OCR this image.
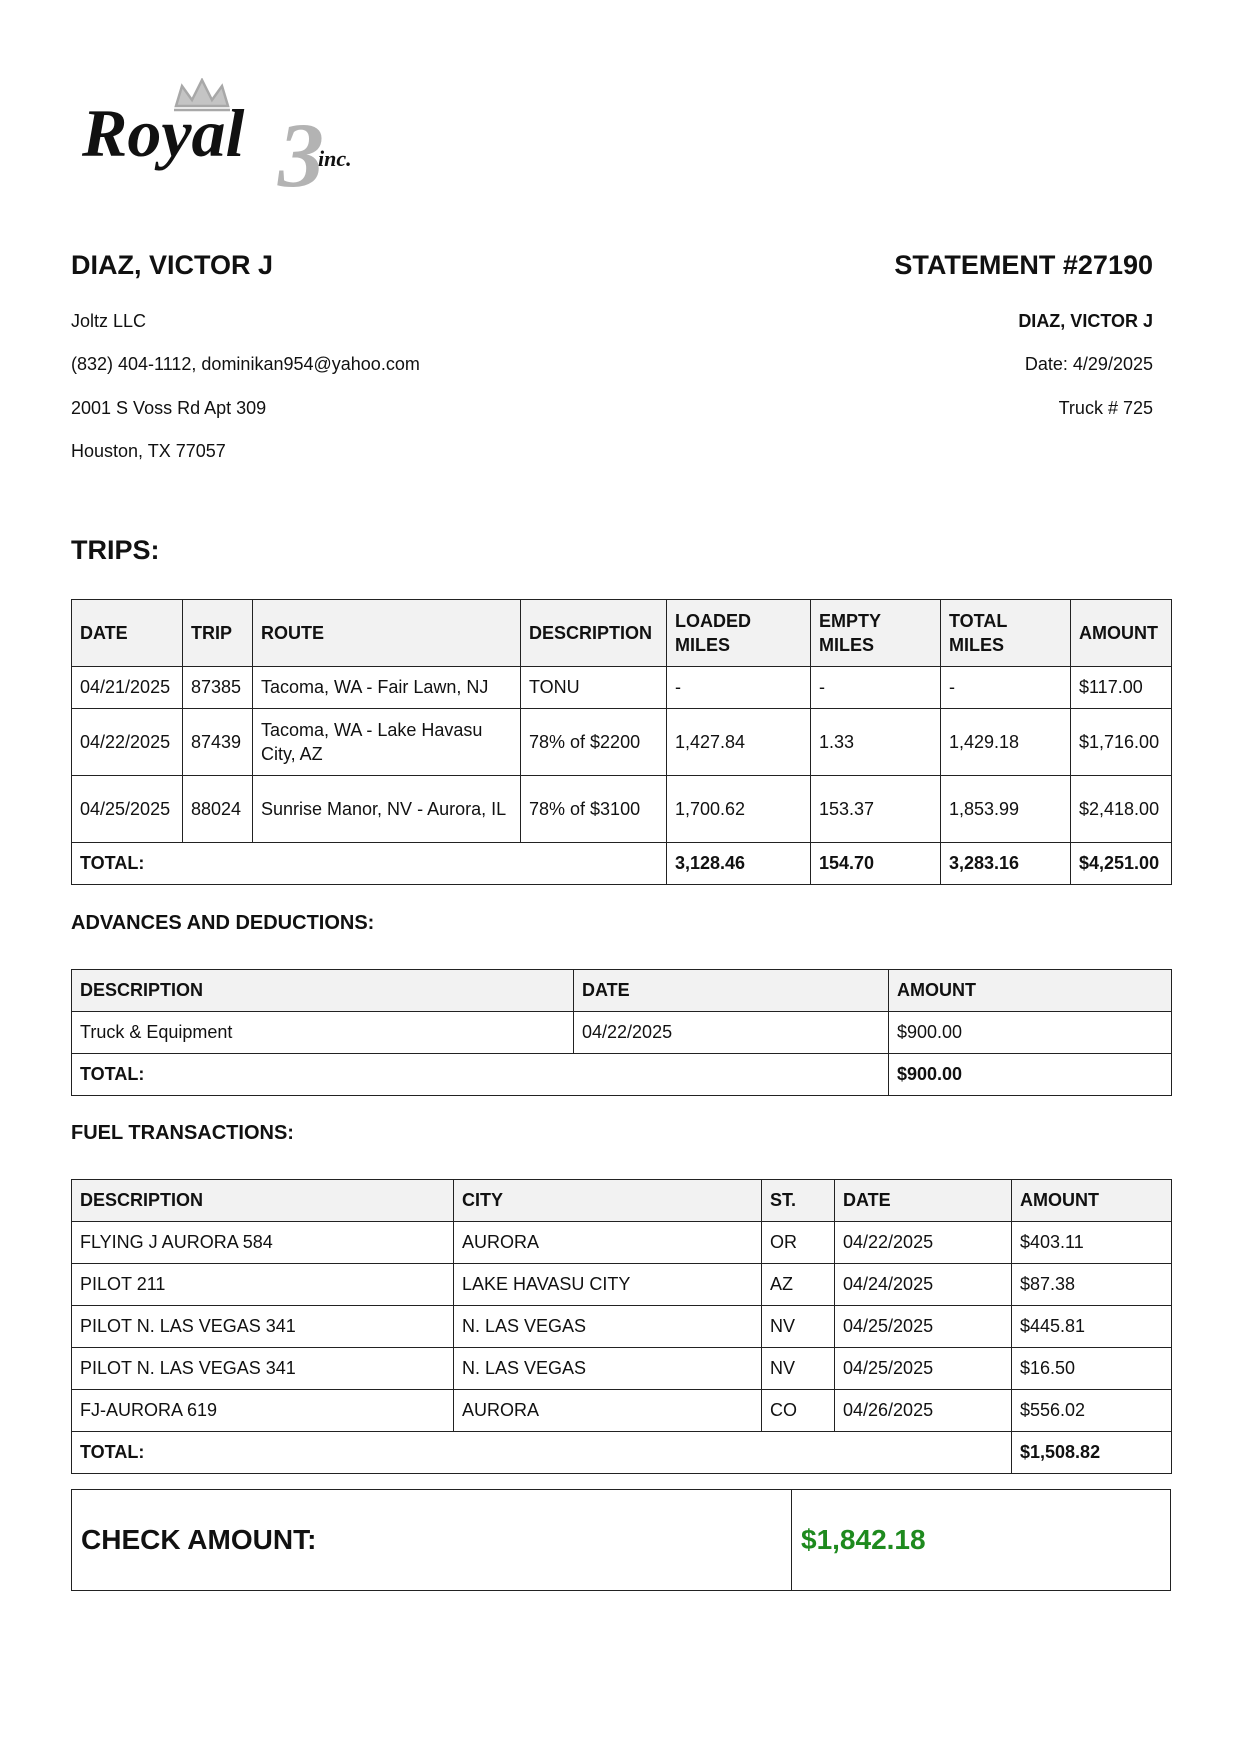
3
Royal	inc.
DIAZ, VICTOR J	STATEMENT #27190
Joltz LLC
(832) 404-1112, dominikan954@yahoo.com
2001 S Voss Rd Apt 309
Houston, TX 77057
DIAZ, VICTOR J
Date: 4/29/2025
Truck # 725
TRIPS:
DATE	TRIP	ROUTE	DESCRIPTION	LOADED MILES	EMPTY MILES	TOTAL MILES	AMOUNT
04/21/2025	87385	Tacoma, WA - Fair Lawn, NJ	TONU	-	-	-	$117.00
04/22/2025	87439	Tacoma, WA - Lake Havasu City, AZ	78% of $2200	1,427.84	1.33	1,429.18	$1,716.00
04/25/2025	88024	Sunrise Manor, NV - Aurora, IL	78% of $3100	1,700.62	153.37	1,853.99	$2,418.00
TOTAL:				3,128.46	154.70	3,283.16	$4,251.00
ADVANCES AND DEDUCTIONS:
DESCRIPTION	DATE	AMOUNT
Truck & Equipment	04/22/2025	$900.00
TOTAL:		$900.00
FUEL TRANSACTIONS:
DESCRIPTION	CITY	ST.	DATE	AMOUNT
FLYING J AURORA 584	AURORA	OR	04/22/2025	$403.11
PILOT 211	LAKE HAVASU CITY	AZ	04/24/2025	$87.38
PILOT N. LAS VEGAS 341	N. LAS VEGAS	NV	04/25/2025	$445.81
PILOT N. LAS VEGAS 341	N. LAS VEGAS	NV	04/25/2025	$16.50
FJ-AURORA 619	AURORA	CO	04/26/2025	$556.02
TOTAL:				$1,508.82
CHECK AMOUNT:	$1,842.18
